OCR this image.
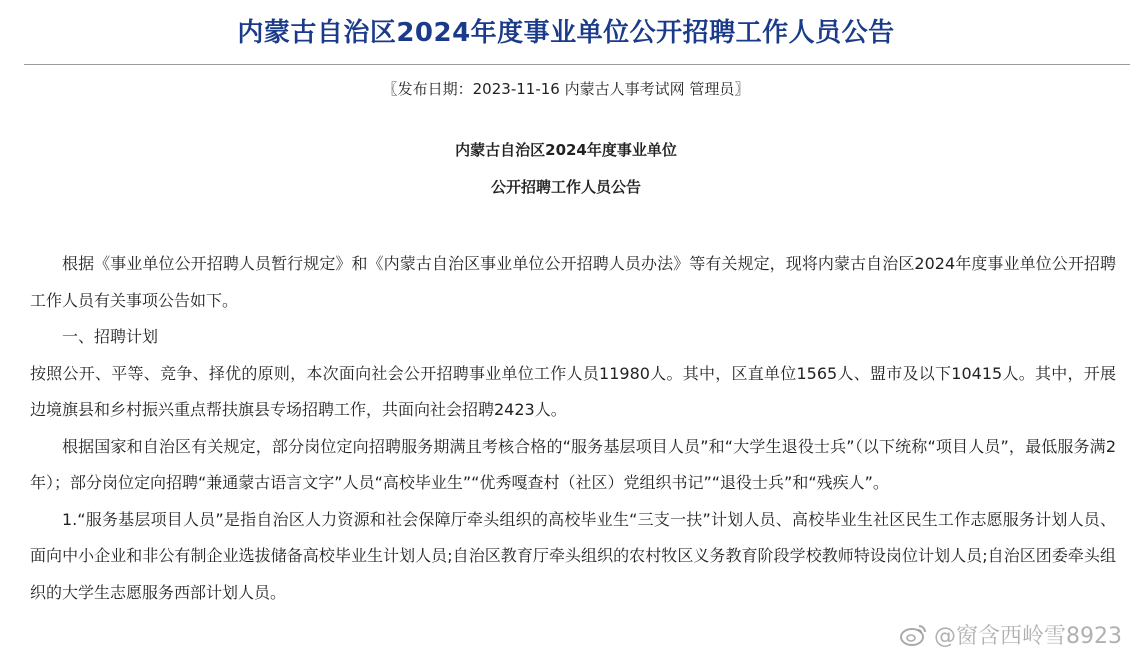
内蒙古自治区2024年度事业单位公开招聘工作人员公告
〖发布日期：2023-11-16 内蒙古人事考试网 管理员〗
内蒙古自治区2024年度事业单位
公开招聘工作人员公告

根据《事业单位公开招聘人员暂行规定》和《内蒙古自治区事业单位公开招聘人员办法》等有关规定，现将内蒙古自治区2024年度事业单位公开招聘工作人员有关事项公告如下。

一、招聘计划

按照公开、平等、竞争、择优的原则，本次面向社会公开招聘事业单位工作人员11980人。其中，区直单位1565人、盟市及以下10415人。其中，开展边境旗县和乡村振兴重点帮扶旗县专场招聘工作，共面向社会招聘2423人。

根据国家和自治区有关规定，部分岗位定向招聘服务期满且考核合格的“服务基层项目人员”和“大学生退役士兵”（以下统称“项目人员”，最低服务满2年）；部分岗位定向招聘“兼通蒙古语言文字”人员“高校毕业生”“优秀嘎查村（社区）党组织书记”“退役士兵”和“残疾人”。

1.“服务基层项目人员”是指自治区人力资源和社会保障厅牵头组织的高校毕业生“三支一扶”计划人员、高校毕业生社区民生工作志愿服务计划人员、面向中小企业和非公有制企业选拔储备高校毕业生计划人员;自治区教育厅牵头组织的农村牧区义务教育阶段学校教师特设岗位计划人员;自治区团委牵头组织的大学生志愿服务西部计划人员。

@窗含西岭雪8923
